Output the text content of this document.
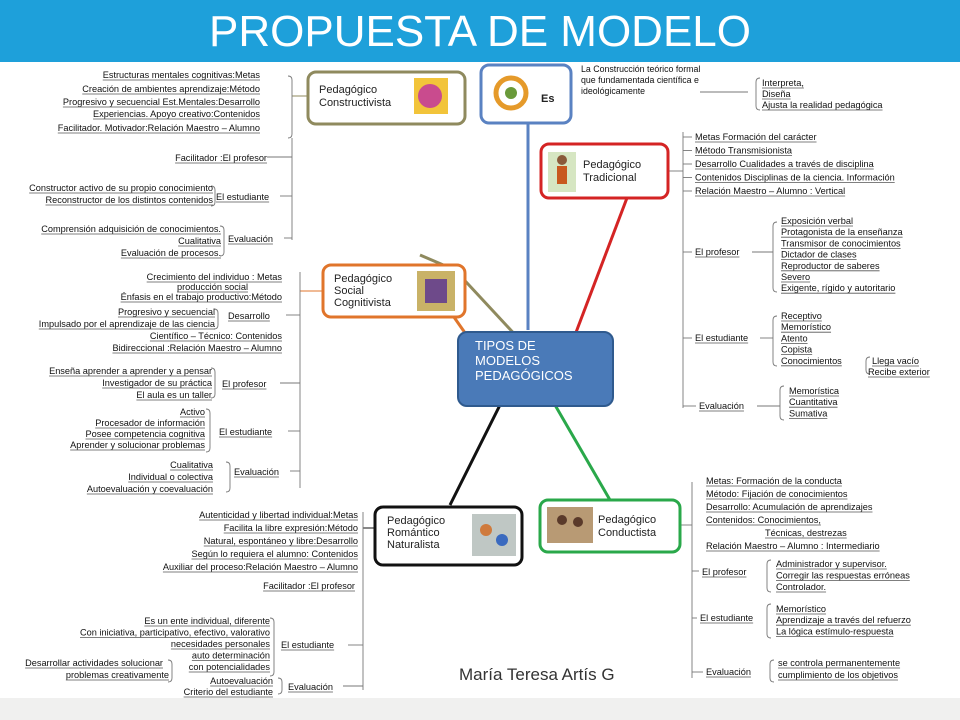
PROPUESTA DE MODELO
Estructuras mentales cognitivas:Metas
Creación de ambientes aprendizaje:Método
Progresivo y secuencial Est.Mentales:Desarrollo
Experiencias. Apoyo creativo:Contenidos
Facilitador. Motivador:Relación Maestro – Alumno
Facilitador :El profesor
Constructor activo de su propio conocimiento
Reconstructor de los distintos contenidos El estudiante
Comprensión adquisición de conocimientos.
Cualitativa
Evaluación de procesos.
Evaluación
La Construcción teórico formal
que fundamentada científica e
ideológicamente
Interpreta,
Diseña
Ajusta la realidad pedagógica
Metas Formación del carácter
Método Transmisionista
Desarrollo Cualidades a través de disciplina
Contenidos Disciplinas de la ciencia. Información
Relación Maestro – Alumno : Vertical
El profesor
Exposición verbal
Protagonista de la enseñanza
Transmisor de conocimientos
Dictador de clases
Reproductor de saberes
Severo
Exigente, rígido y autoritario
El estudiante
Receptivo
Memorístico
Atento
Copista
Conocimientos	Llega vacío
Recibe exterior
Evaluación
Memorística
Cuantitativa
Sumativa
Crecimiento del individuo : Metas
producción social
Énfasis en el trabajo productivo:Método
Progresivo y secuencial
Impulsado por el aprendizaje de las ciencia
Desarrollo
Científico – Técnico: Contenidos
Bidireccional :Relación Maestro – Alumno
Enseña aprender a aprender y a pensar
Investigador de su práctica
El aula es un taller
El profesor
Activo
Procesador de información
Posee competencia cognitiva
Aprender y solucionar problemas
El estudiante
Cualitativa
Individual o colectiva
Autoevaluación y coevaluación
Evaluación
Autenticidad y libertad individual:Metas
Facilita la libre expresión:Método
Natural, espontáneo y libre:Desarrollo
Según lo requiera el alumno: Contenidos
Auxiliar del proceso:Relación Maestro – Alumno
Facilitador :El profesor
Es un ente individual, diferente
Con iniciativa, participativo, efectivo, valorativo
necesidades personales
auto determinación
con potencialidades
El estudiante
Desarrollar actividades solucionar
problemas creativamente
Autoevaluación
Criterio del estudiante Evaluación
Metas: Formación de la conducta
Método: Fijación de conocimientos
Desarrollo: Acumulación de aprendizajes
Contenidos: Conocimientos,
Técnicas, destrezas
Relación Maestro – Alumno : Intermediario
El profesor
Administrador y supervisor.
Corregir las respuestas erróneas
Controlador.
El estudiante
Memorístico
Aprendizaje a través del refuerzo
La lógica estímulo-respuesta
Evaluación
se controla permanentemente
cumplimiento de los objetivos
TIPOS DE
MODELOS
PEDAGÓGICOS
Pedagógico
Constructivista	Es
Pedagógico
Tradicional
Pedagógico
Social
Cognitivista
Pedagógico
Romántico
Naturalista
Pedagógico
Conductista
María Teresa Artís G
